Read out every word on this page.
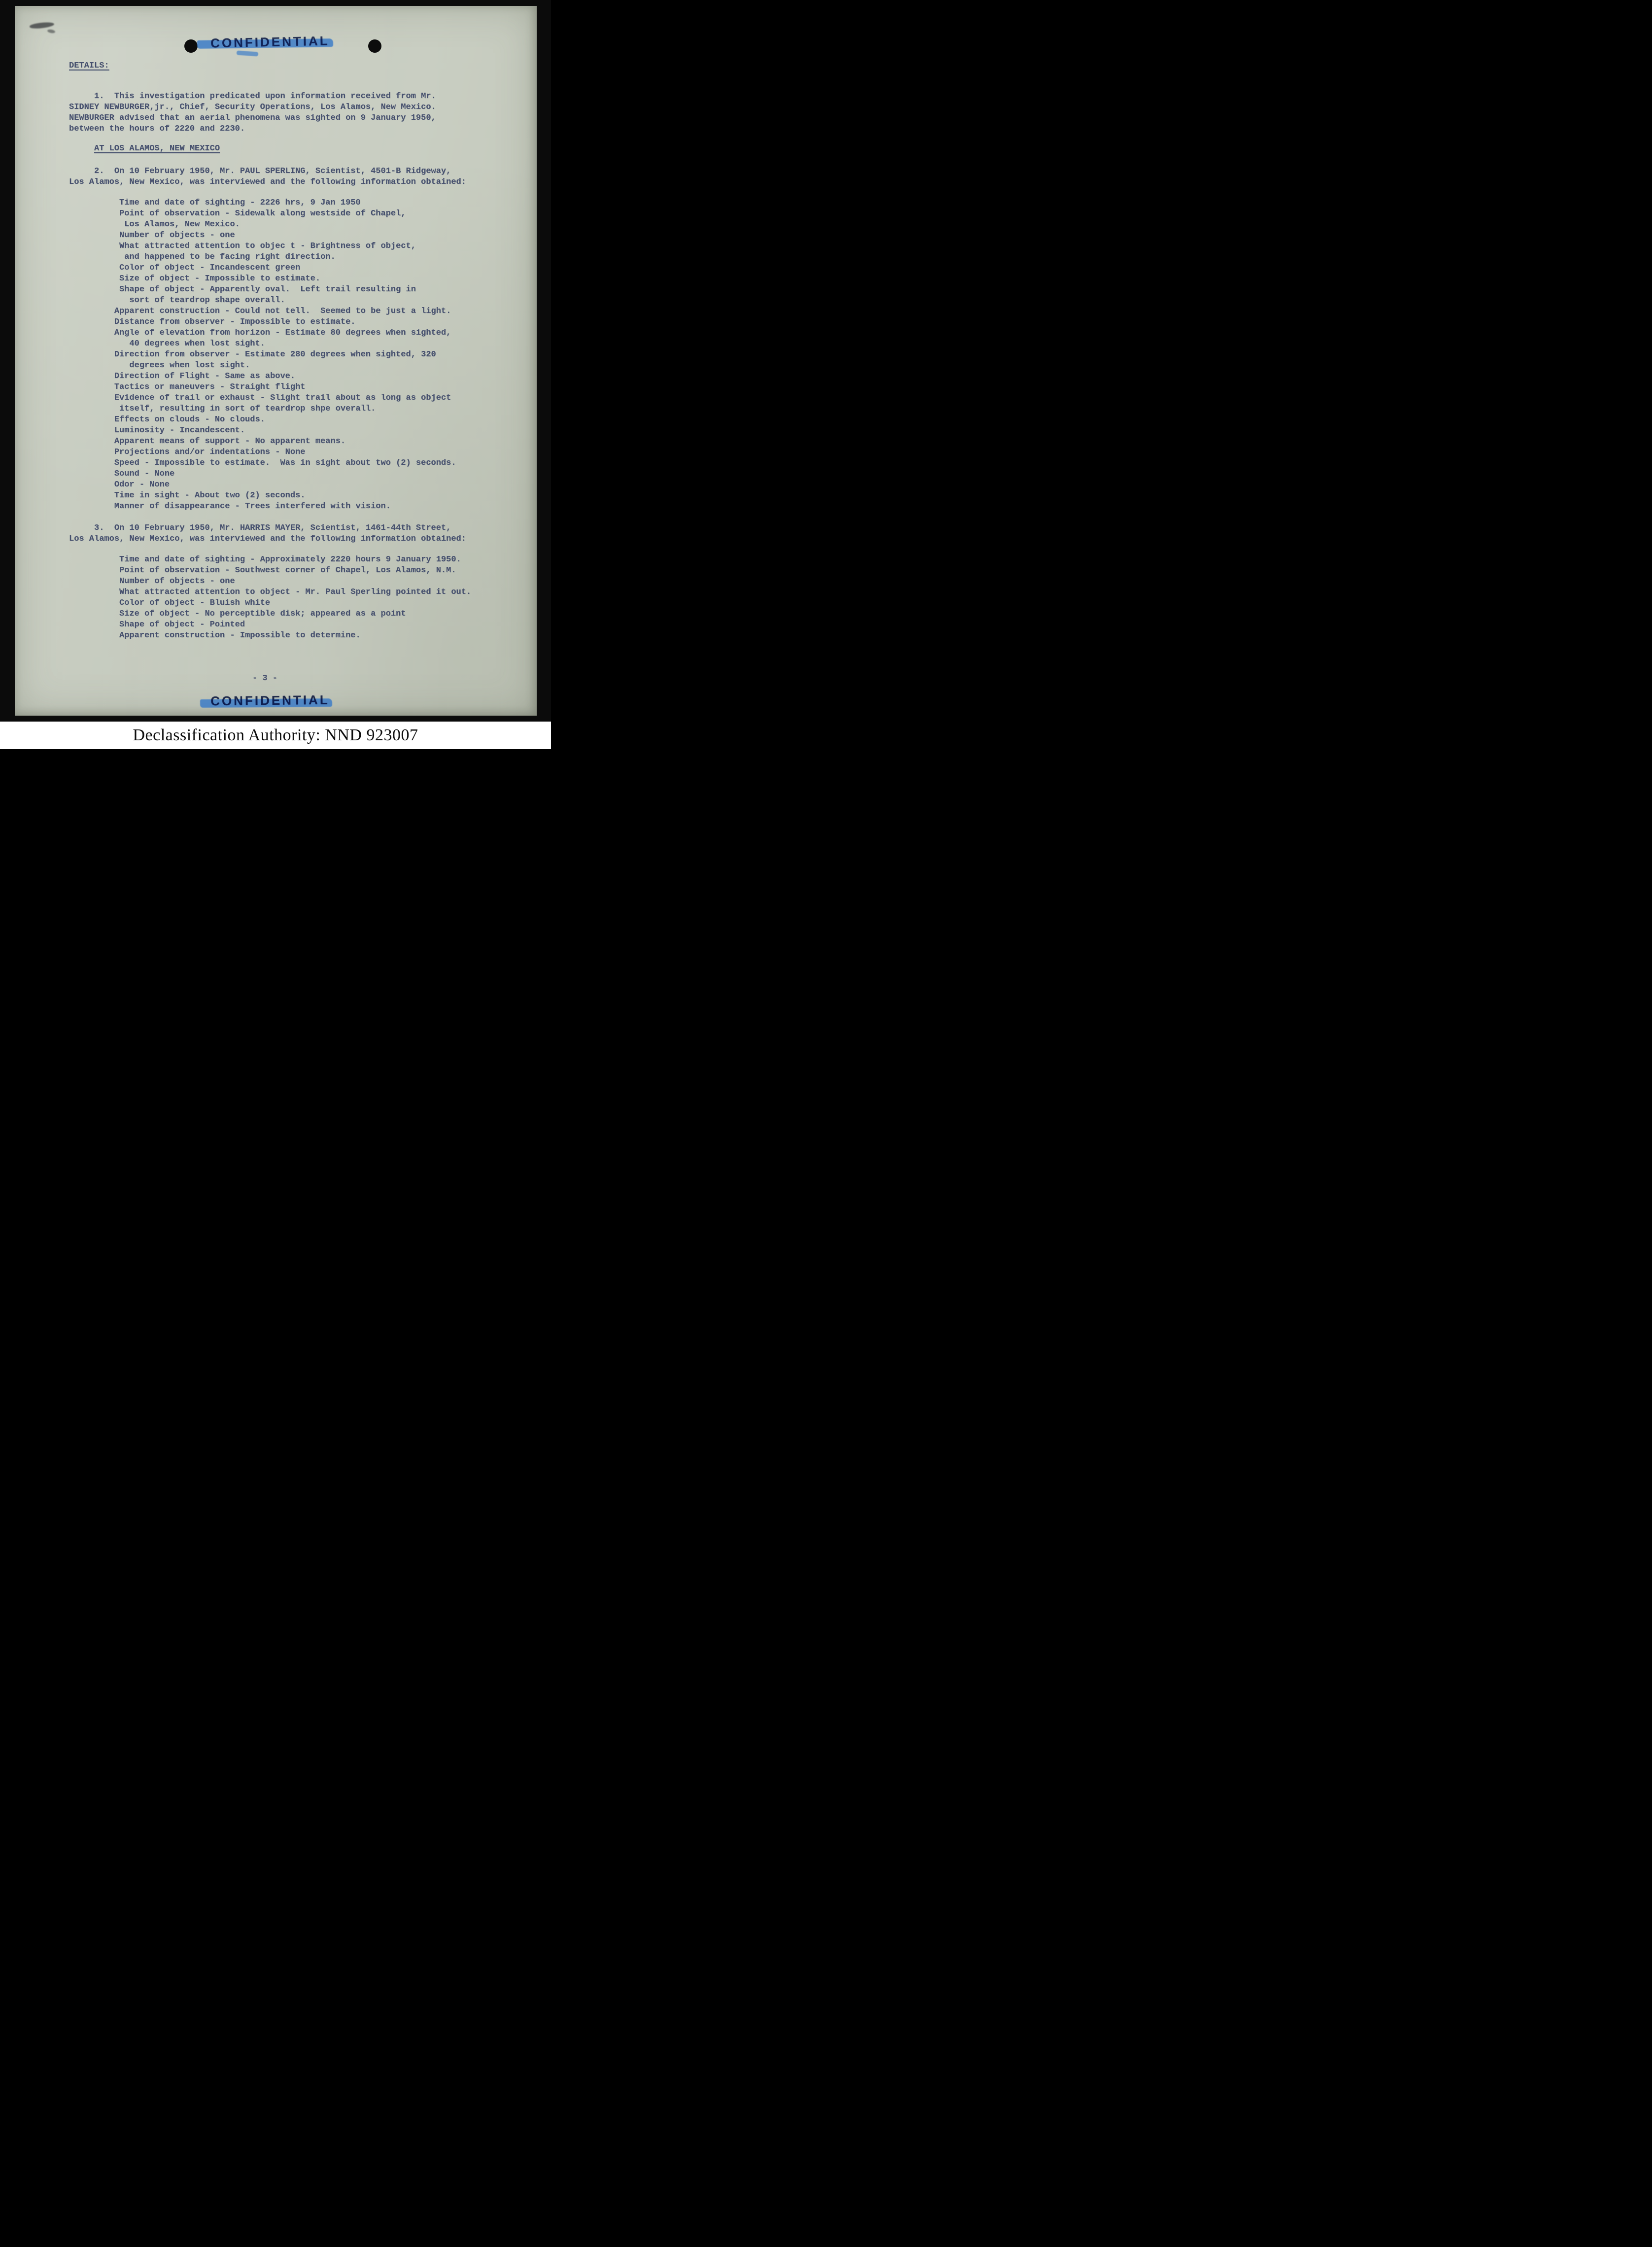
CONFIDENTIAL
DETAILS:
1.  This investigation predicated upon information received from Mr.
SIDNEY NEWBURGER,jr., Chief, Security Operations, Los Alamos, New Mexico.
NEWBURGER advised that an aerial phenomena was sighted on 9 January 1950,
between the hours of 2220 and 2230.
AT LOS ALAMOS, NEW MEXICO
2.  On 10 February 1950, Mr. PAUL SPERLING, Scientist, 4501-B Ridgeway,
Los Alamos, New Mexico, was interviewed and the following information obtained:
Time and date of sighting - 2226 hrs, 9 Jan 1950
Point of observation - Sidewalk along westside of Chapel,
Los Alamos, New Mexico.
Number of objects - one
What attracted attention to objec t - Brightness of object,
and happened to be facing right direction.
Color of object - Incandescent green
Size of object - Impossible to estimate.
Shape of object - Apparently oval.  Left trail resulting in
sort of teardrop shape overall.
Apparent construction - Could not tell.  Seemed to be just a light.
Distance from observer - Impossible to estimate.
Angle of elevation from horizon - Estimate 80 degrees when sighted,
40 degrees when lost sight.
Direction from observer - Estimate 280 degrees when sighted, 320
degrees when lost sight.
Direction of Flight - Same as above.
Tactics or maneuvers - Straight flight
Evidence of trail or exhaust - Slight trail about as long as object
itself, resulting in sort of teardrop shpe overall.
Effects on clouds - No clouds.
Luminosity - Incandescent.
Apparent means of support - No apparent means.
Projections and/or indentations - None
Speed - Impossible to estimate.  Was in sight about two (2) seconds.
Sound - None
Odor - None
Time in sight - About two (2) seconds.
Manner of disappearance - Trees interfered with vision.
3.  On 10 February 1950, Mr. HARRIS MAYER, Scientist, 1461-44th Street,
Los Alamos, New Mexico, was interviewed and the following information obtained:
Time and date of sighting - Approximately 2220 hours 9 January 1950.
Point of observation - Southwest corner of Chapel, Los Alamos, N.M.
Number of objects - one
What attracted attention to object - Mr. Paul Sperling pointed it out.
Color of object - Bluish white
Size of object - No perceptible disk; appeared as a point
Shape of object - Pointed
Apparent construction - Impossible to determine.
- 3 -
CONFIDENTIAL
Declassification Authority: NND 923007
